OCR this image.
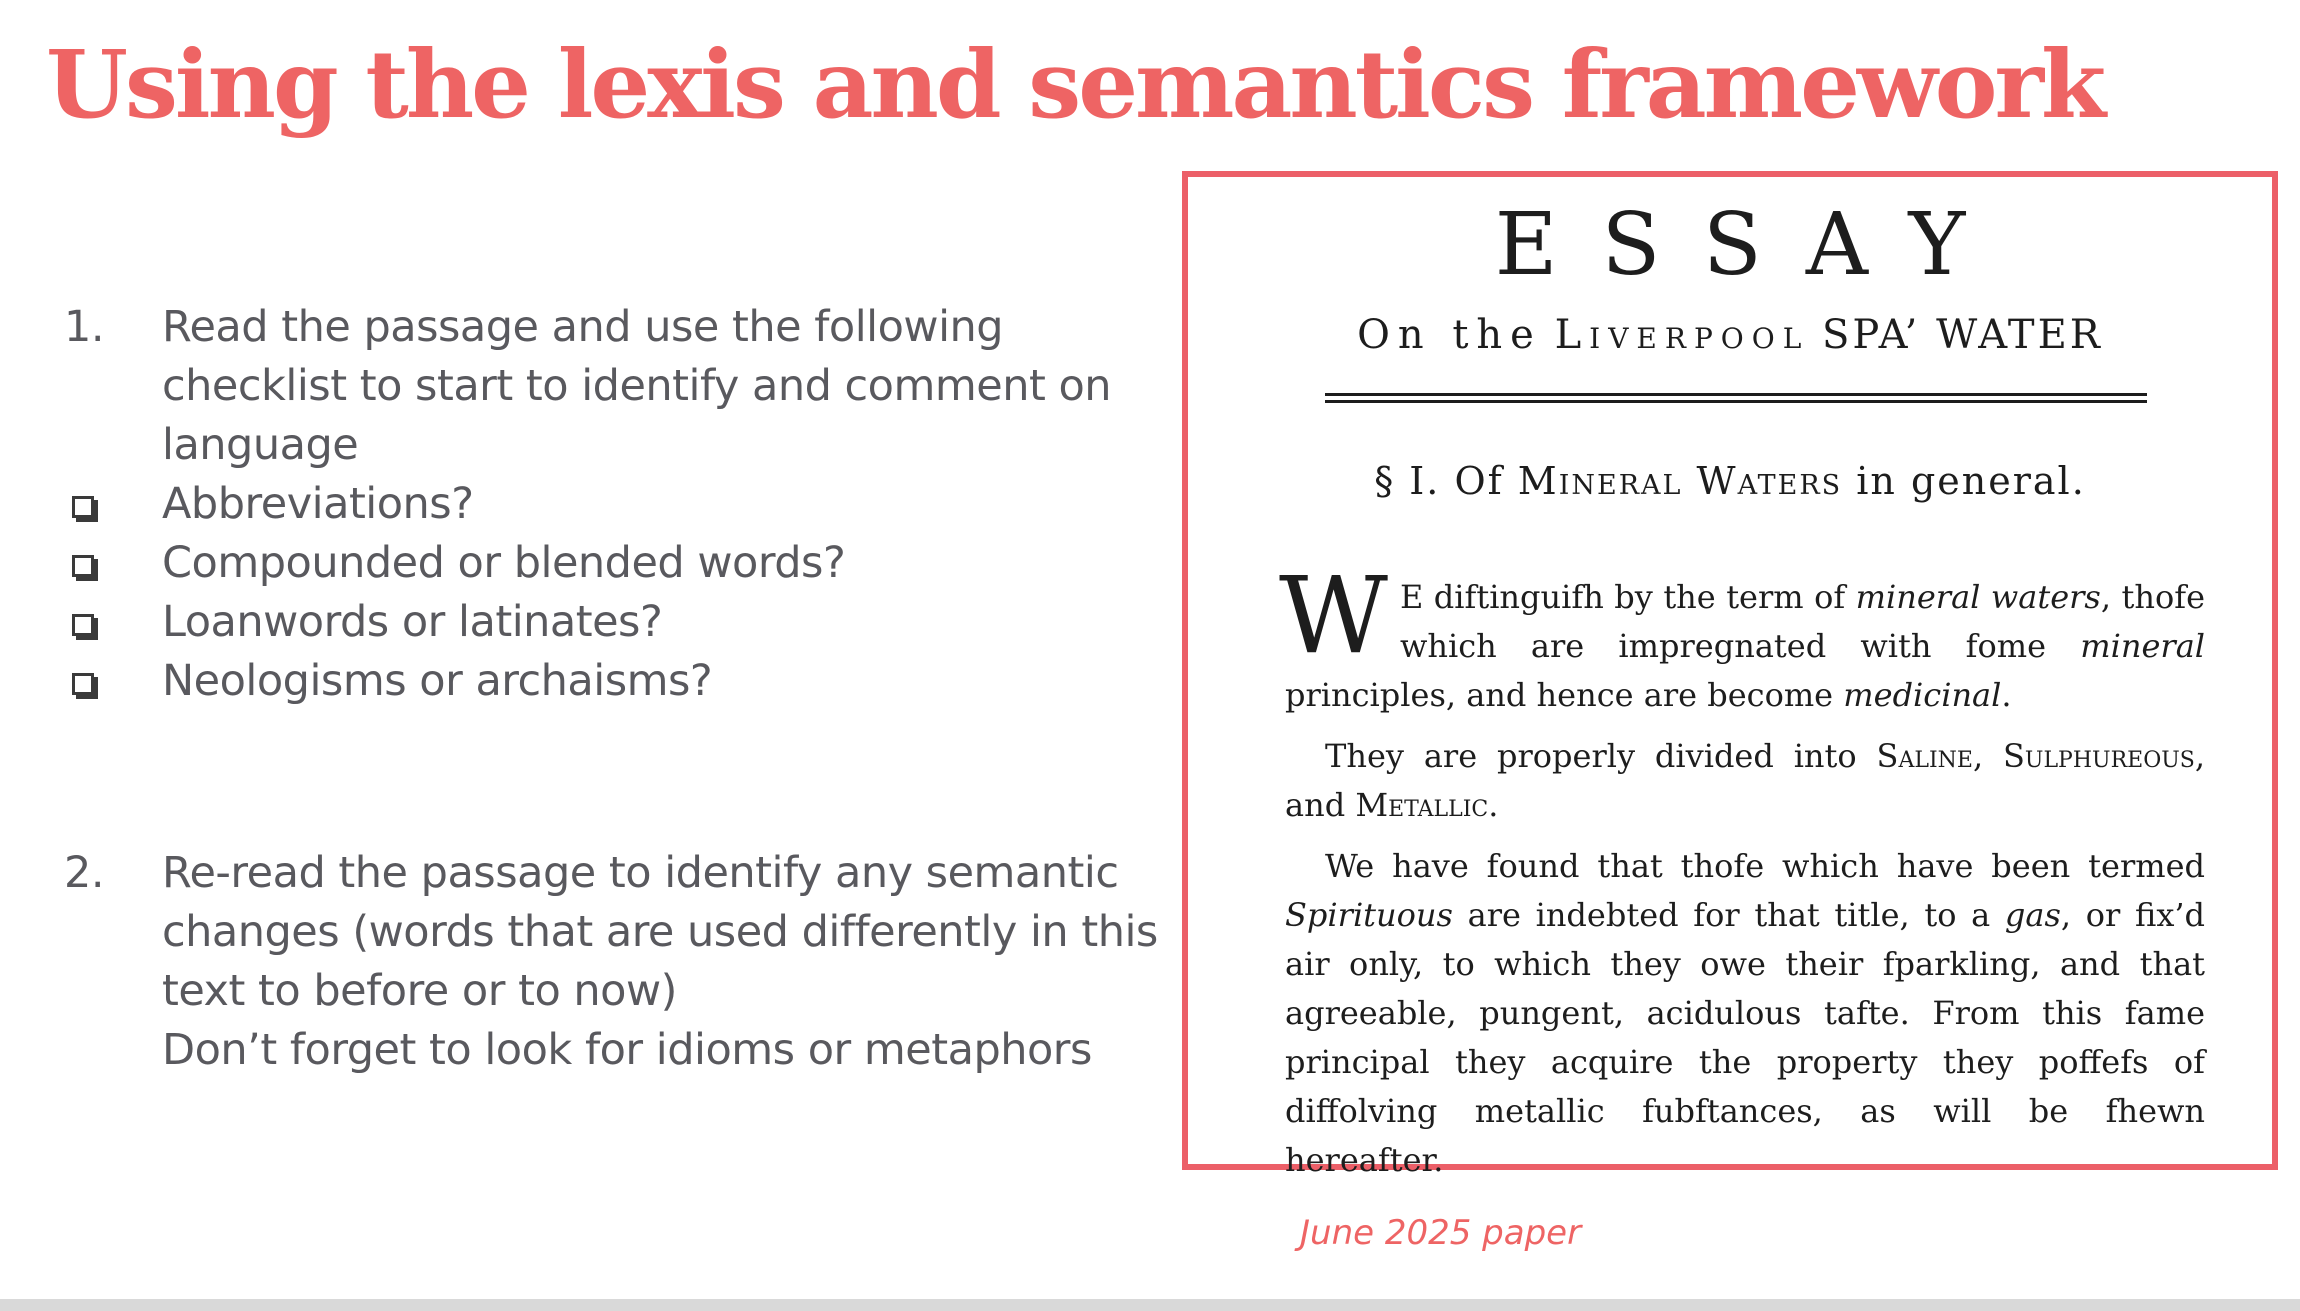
Using the lexis and semantics framework
1.	Read the passage and use the following checklist to start to identify and comment on language
Abbreviations?
Compounded or blended words?
Loanwords or latinates?
Neologisms or archaisms?
2.	Re-read the passage to identify any semantic changes (words that are used differently in this text to before or to now)
Don’t forget to look for idioms or metaphors
ESSAY
On the Liverpool SPA’ WATER
§ I. Of Mineral Waters in general.

W E diftinguifh by the term of mineral waters, thofe which are impregnated with fome mineral principles, and hence are become medicinal.

They are properly divided into Saline, Sulphureous, and Metallic.

We have found that thofe which have been termed Spirituous are indebted for that title, to a gas, or fix’d air only, to which they owe their fparkling, and that agreeable, pungent, acidulous tafte. From this fame principal they acquire the property they poffefs of diffolving metallic fubftances, as will be fhewn hereafter.

June 2025 paper
